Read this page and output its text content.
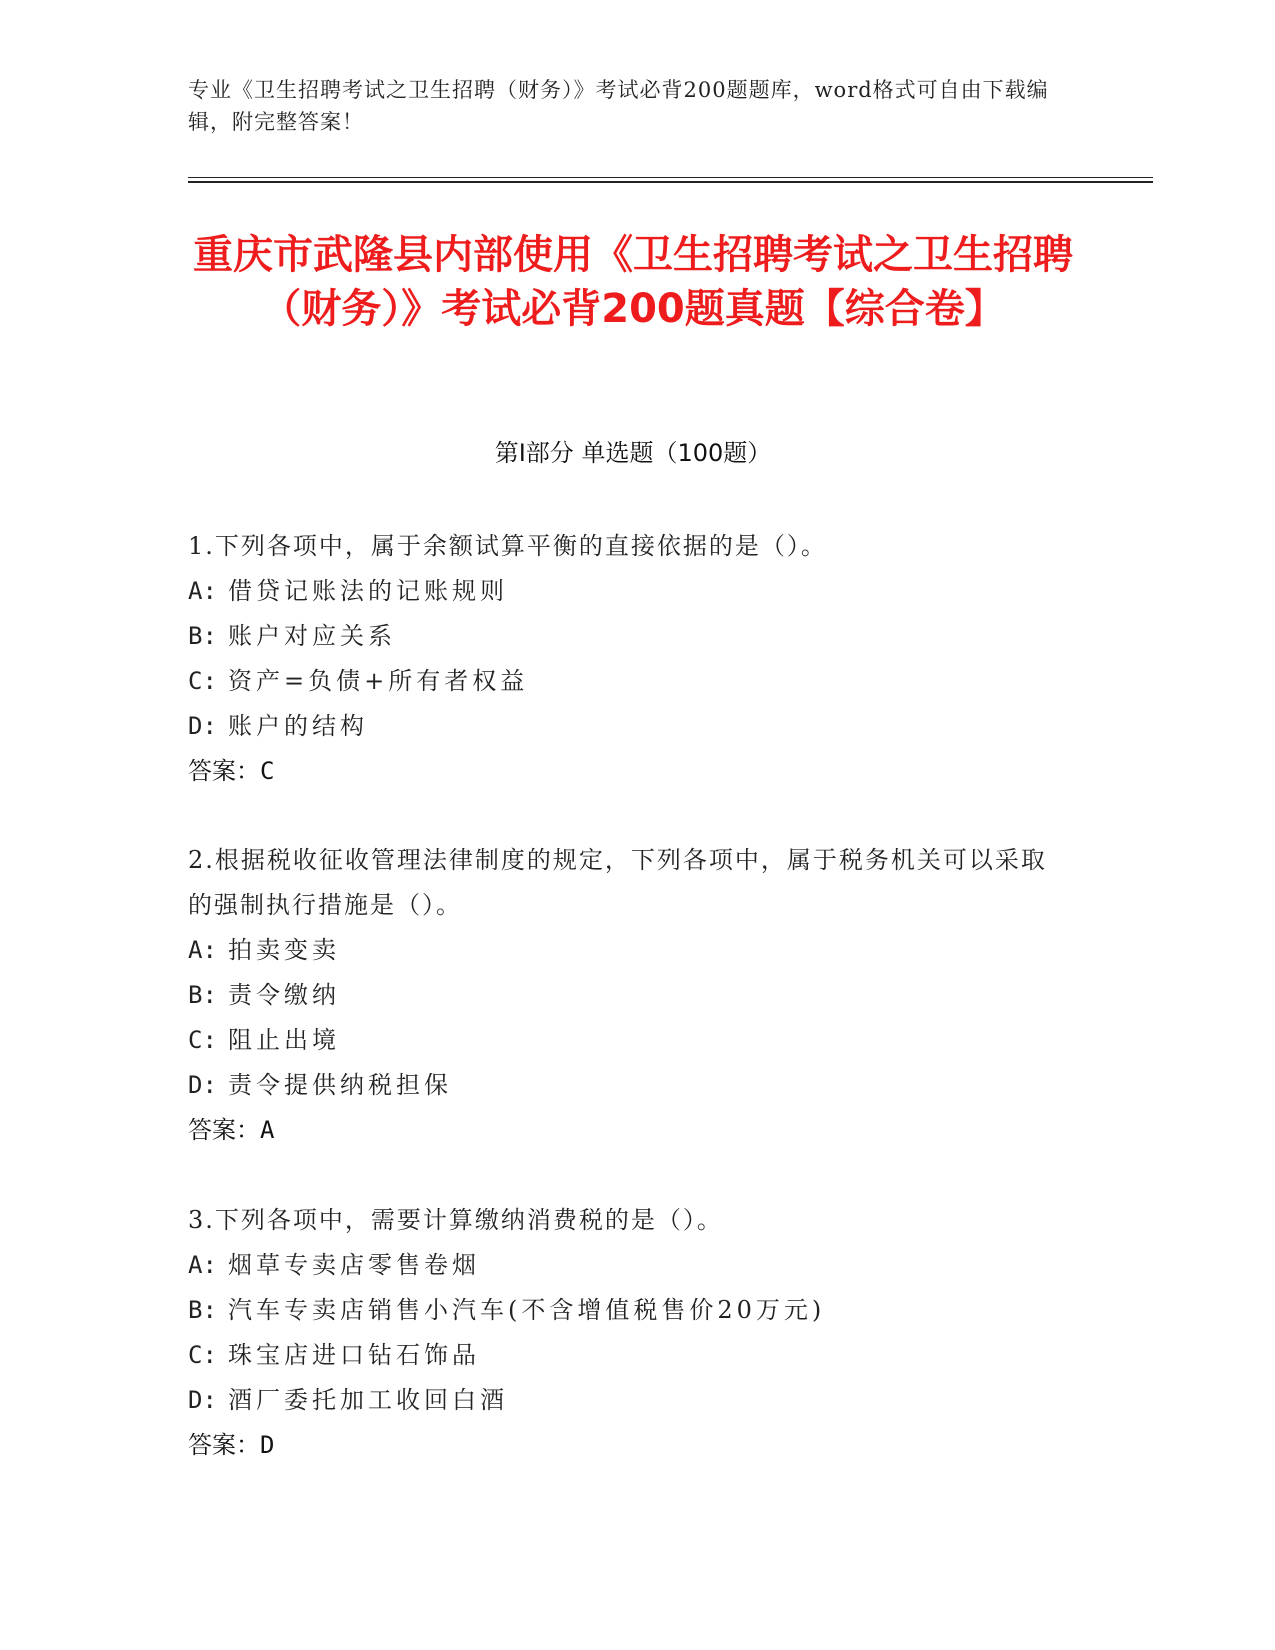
专业《卫生招聘考试之卫生招聘（财务）》考试必背200题题库，word格式可自由下载编辑，附完整答案！
重庆市武隆县内部使用《卫生招聘考试之卫生招聘（财务）》考试必背200题真题【综合卷】
第I部分 单选题（100题）

1.下列各项中，属于余额试算平衡的直接依据的是（）。

A: 借贷记账法的记账规则

B: 账户对应关系

C: 资产=负债+所有者权益

D: 账户的结构

答案：C

2.根据税收征收管理法律制度的规定，下列各项中，属于税务机关可以采取的强制执行措施是（）。

A: 拍卖变卖

B: 责令缴纳

C: 阻止出境

D: 责令提供纳税担保

答案：A

3.下列各项中，需要计算缴纳消费税的是（）。

A: 烟草专卖店零售卷烟

B: 汽车专卖店销售小汽车(不含增值税售价20万元)

C: 珠宝店进口钻石饰品

D: 酒厂委托加工收回白酒

答案：D
